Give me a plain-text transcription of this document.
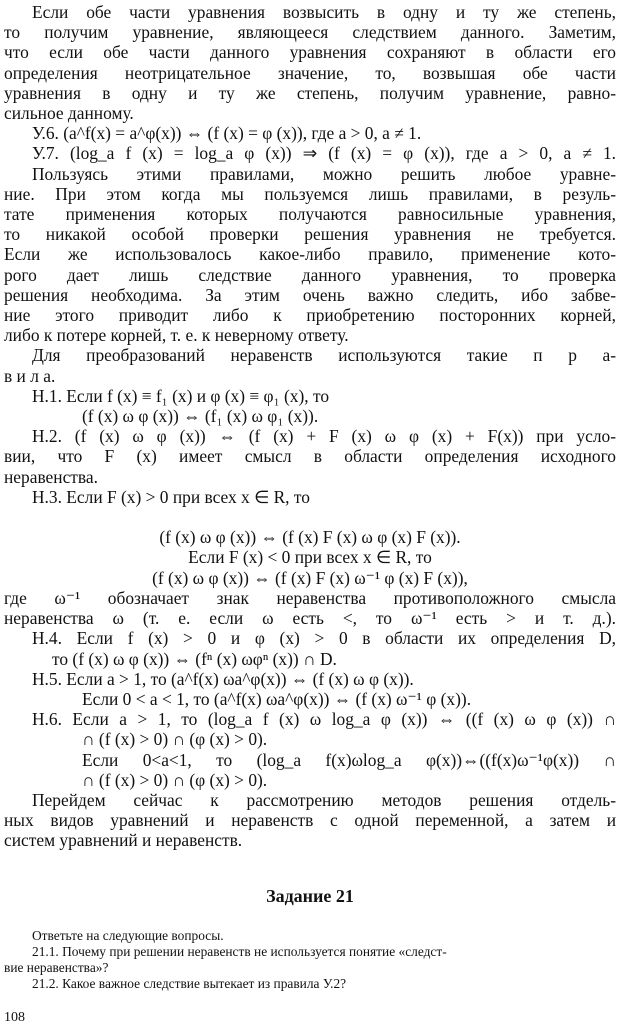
Если обе части уравнения возвысить в одну и ту же степень,
то получим уравнение, являющееся следствием данного. Заметим,
что если обе части данного уравнения сохраняют в области его
определения неотрицательное значение, то, возвышая обе части
уравнения в одну и ту же степень, получим уравнение, равно-
сильное данному.
У.6. (a^f(x) = a^φ(x)) ⇔ (f (x) = φ (x)), где a > 0, a ≠ 1.
У.7. (log_a f (x) = log_a φ (x)) ⇒ (f (x) = φ (x)), где a > 0, a ≠ 1.
Пользуясь этими правилами, можно решить любое уравне-
ние. При этом когда мы пользуемся лишь правилами, в резуль-
тате применения которых получаются равносильные уравнения,
то никакой особой проверки решения уравнения не требуется.
Если же использовалось какое-либо правило, применение кото-
рого дает лишь следствие данного уравнения, то проверка
решения необходима. За этим очень важно следить, ибо забве-
ние этого приводит либо к приобретению посторонних корней,
либо к потере корней, т. е. к неверному ответу.
Для преобразований неравенств используются такие п р а-
в и л а.
Н.1. Если f (x) ≡ f₁ (x) и φ (x) ≡ φ₁ (x), то
(f (x) ω φ (x)) ⇔ (f₁ (x) ω φ₁ (x)).
Н.2. (f (x) ω φ (x)) ⇔ (f (x) + F (x) ω φ (x) + F(x)) при усло-
вии, что F (x) имеет смысл в области определения исходного
неравенства.
Н.3. Если F (x) > 0 при всех x ∈ R, то

(f (x) ω φ (x)) ⇔ (f (x) F (x) ω φ (x) F (x)).
Если F (x) < 0 при всех x ∈ R, то
(f (x) ω φ (x)) ⇔ (f (x) F (x) ω⁻¹ φ (x) F (x)),
где ω⁻¹ обозначает знак неравенства противоположного смысла
неравенства ω (т. е. если ω есть <, то ω⁻¹ есть > и т. д.).
Н.4. Если f (x) > 0 и φ (x) > 0 в области их определения D,
то (f (x) ω φ (x)) ⇔ (fⁿ (x) ωφⁿ (x)) ∩ D.
Н.5. Если a > 1, то (a^f(x) ωa^φ(x)) ⇔ (f (x) ω φ (x)).
Если 0 < a < 1, то (a^f(x) ωa^φ(x)) ⇔ (f (x) ω⁻¹ φ (x)).
Н.6. Если a > 1, то (log_a f (x) ω log_a φ (x)) ⇔ ((f (x) ω φ (x)) ∩
∩ (f (x) > 0) ∩ (φ (x) > 0).
Если 0<a<1, то (log_a f(x)ωlog_a φ(x))⇔((f(x)ω⁻¹φ(x)) ∩
∩ (f (x) > 0) ∩ (φ (x) > 0).
Перейдем сейчас к рассмотрению методов решения отдель-
ных видов уравнений и неравенств с одной переменной, а затем и
систем уравнений и неравенств.
Задание 21
Ответьте на следующие вопросы.
21.1. Почему при решении неравенств не используется понятие «следст-
вие неравенства»?
21.2. Какое важное следствие вытекает из правила У.2?
108
